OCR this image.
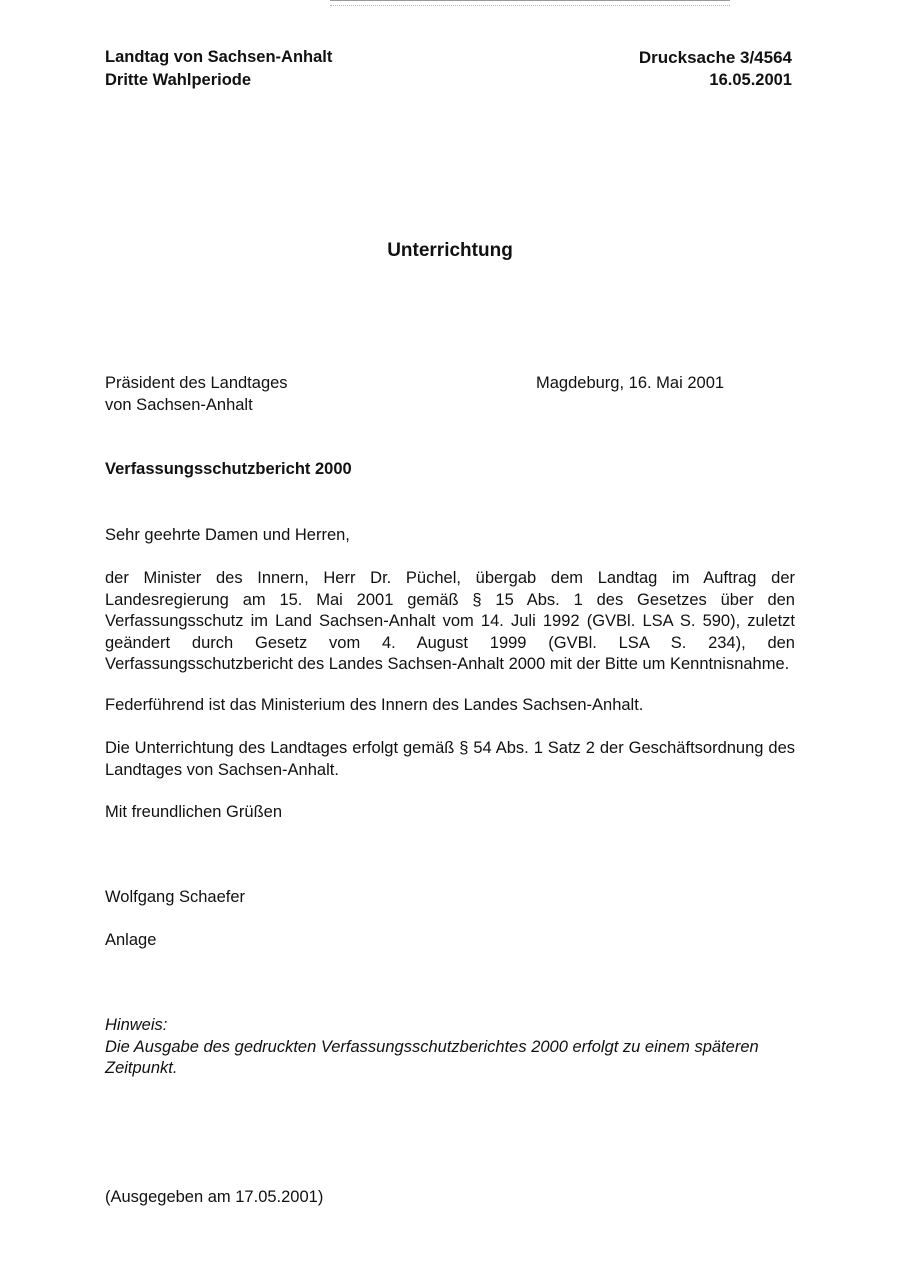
Landtag von Sachsen-Anhalt
Dritte Wahlperiode
Drucksache 3/4564
16.05.2001
Unterrichtung
Präsident des Landtages
von Sachsen-Anhalt
Magdeburg, 16. Mai 2001
Verfassungsschutzbericht 2000
Sehr geehrte Damen und Herren,
der Minister des Innern, Herr Dr. Püchel, übergab dem Landtag im Auftrag der Landesregierung am 15. Mai 2001 gemäß § 15 Abs. 1 des Gesetzes über den Verfassungsschutz im Land Sachsen-Anhalt vom 14. Juli 1992 (GVBl. LSA S. 590), zuletzt geändert durch Gesetz vom 4. August 1999 (GVBl. LSA S. 234), den Verfassungsschutzbericht des Landes Sachsen-Anhalt 2000 mit der Bitte um Kenntnisnahme.
Federführend ist das Ministerium des Innern des Landes Sachsen-Anhalt.
Die Unterrichtung des Landtages erfolgt gemäß § 54 Abs. 1 Satz 2 der Geschäftsordnung des Landtages von Sachsen-Anhalt.
Mit freundlichen Grüßen
Wolfgang Schaefer
Anlage
Hinweis:
Die Ausgabe des gedruckten Verfassungsschutzberichtes 2000 erfolgt zu einem späteren Zeitpunkt.
(Ausgegeben am 17.05.2001)
